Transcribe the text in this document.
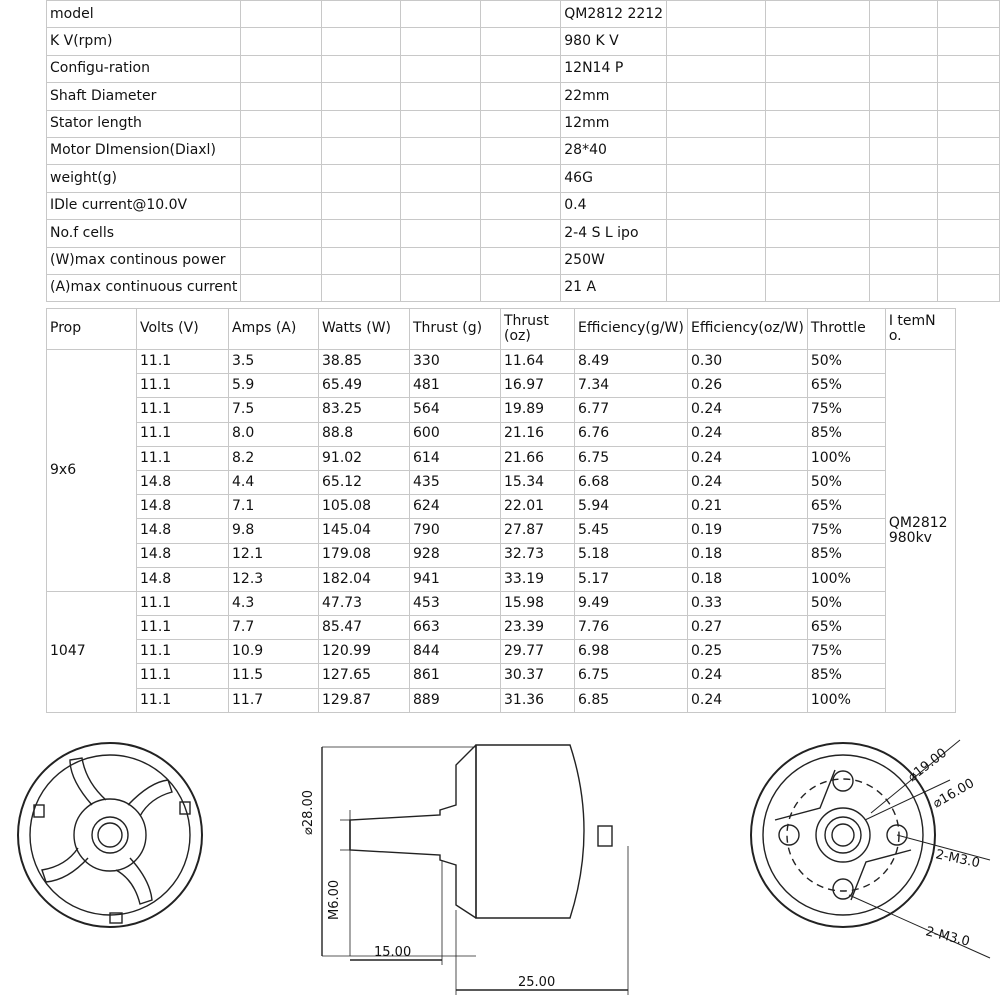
model					QM2812 2212				
K V(rpm)					980 K V				
Configu-ration					12N14 P				
Shaft Diameter					22mm				
Stator length					12mm				
Motor DImension(Diaxl)					28*40				
weight(g)					46G				
IDle current@10.0V					0.4				
No.f cells					2-4 S L ipo				
(W)max continous power					250W				
(A)max continuous current					21 A				
Prop	Volts (V)	Amps (A)	Watts (W)	Thrust (g)	Thrust (oz)	Efficiency(g/W)	Efficiency(oz/W)	Throttle	I temN o.
9x6	11.1	3.5	38.85	330	11.64	8.49	0.30	50%	QM2812 980kv
	11.1	5.9	65.49	481	16.97	7.34	0.26	65%	
	11.1	7.5	83.25	564	19.89	6.77	0.24	75%	
	11.1	8.0	88.8	600	21.16	6.76	0.24	85%	
	11.1	8.2	91.02	614	21.66	6.75	0.24	100%	
	14.8	4.4	65.12	435	15.34	6.68	0.24	50%	
	14.8	7.1	105.08	624	22.01	5.94	0.21	65%	
	14.8	9.8	145.04	790	27.87	5.45	0.19	75%	
	14.8	12.1	179.08	928	32.73	5.18	0.18	85%	
	14.8	12.3	182.04	941	33.19	5.17	0.18	100%	
1047	11.1	4.3	47.73	453	15.98	9.49	0.33	50%	
	11.1	7.7	85.47	663	23.39	7.76	0.27	65%	
	11.1	10.9	120.99	844	29.77	6.98	0.25	75%	
	11.1	11.5	127.65	861	30.37	6.75	0.24	85%	
	11.1	11.7	129.87	889	31.36	6.85	0.24	100%	
⌀28.00
M6.00
15.00
25.00
⌀19.00
⌀16.00
2-M3.0
2-M3.0
